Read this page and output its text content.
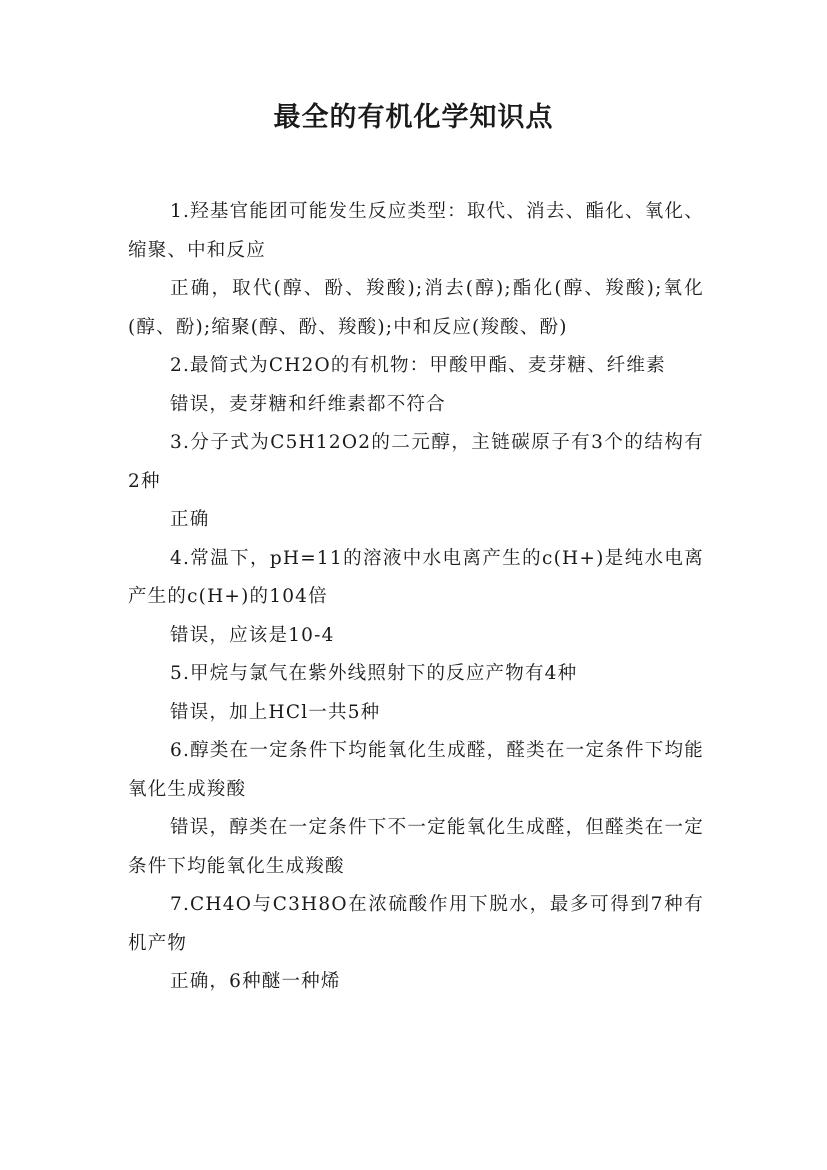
最全的有机化学知识点

1.羟基官能团可能发生反应类型：取代、消去、酯化、氧化、缩聚、中和反应

正确，取代(醇、酚、羧酸);消去(醇);酯化(醇、羧酸);氧化(醇、酚);缩聚(醇、酚、羧酸);中和反应(羧酸、酚)

2.最简式为CH2O的有机物：甲酸甲酯、麦芽糖、纤维素

错误，麦芽糖和纤维素都不符合

3.分子式为C5H12O2的二元醇，主链碳原子有3个的结构有2种

正确

4.常温下，pH=11的溶液中水电离产生的c(H+)是纯水电离产生的c(H+)的104倍

错误，应该是10-4

5.甲烷与氯气在紫外线照射下的反应产物有4种

错误，加上HCl一共5种

6.醇类在一定条件下均能氧化生成醛，醛类在一定条件下均能氧化生成羧酸

错误，醇类在一定条件下不一定能氧化生成醛，但醛类在一定条件下均能氧化生成羧酸

7.CH4O与C3H8O在浓硫酸作用下脱水，最多可得到7种有机产物

正确，6种醚一种烯
